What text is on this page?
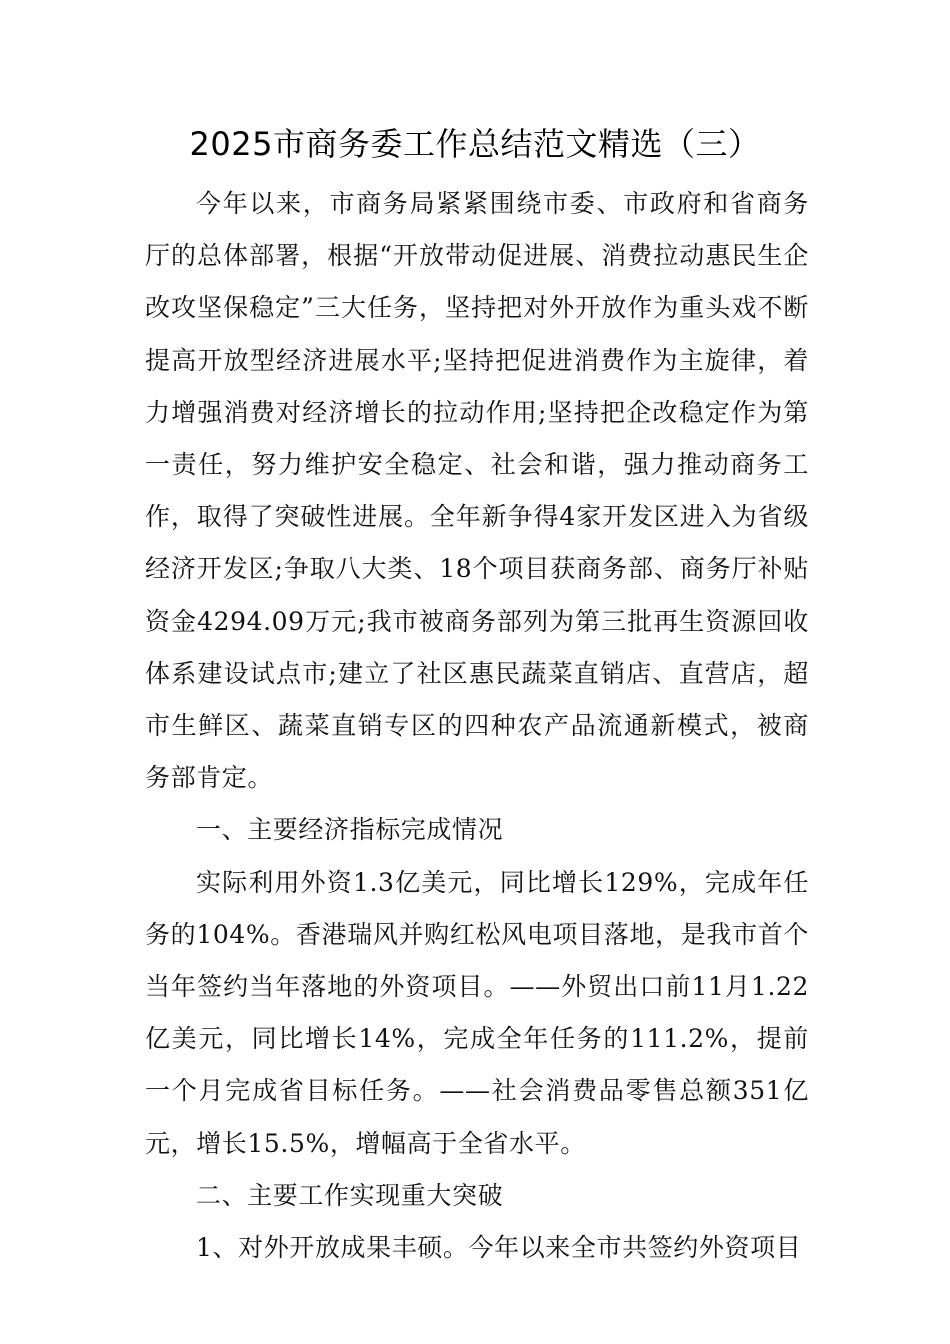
2025市商务委工作总结范文精选（三）

今年以来，市商务局紧紧围绕市委、市政府和省商务厅的总体部署，根据“开放带动促进展、消费拉动惠民生企改攻坚保稳定”三大任务，坚持把对外开放作为重头戏不断提高开放型经济进展水平;坚持把促进消费作为主旋律，着力增强消费对经济增长的拉动作用;坚持把企改稳定作为第一责任，努力维护安全稳定、社会和谐，强力推动商务工作，取得了突破性进展。全年新争得4家开发区进入为省级经济开发区;争取八大类、18个项目获商务部、商务厅补贴资金4294.09万元;我市被商务部列为第三批再生资源回收体系建设试点市;建立了社区惠民蔬菜直销店、直营店，超市生鲜区、蔬菜直销专区的四种农产品流通新模式，被商务部肯定。

一、主要经济指标完成情况

实际利用外资1.3亿美元，同比增长129%，完成年任务的104%。香港瑞风并购红松风电项目落地，是我市首个当年签约当年落地的外资项目。——外贸出口前11月1.22亿美元，同比增长14%，完成全年任务的111.2%，提前一个月完成省目标任务。——社会消费品零售总额351亿元，增长15.5%，增幅高于全省水平。

二、主要工作实现重大突破

1、对外开放成果丰硕。今年以来全市共签约外资项目
